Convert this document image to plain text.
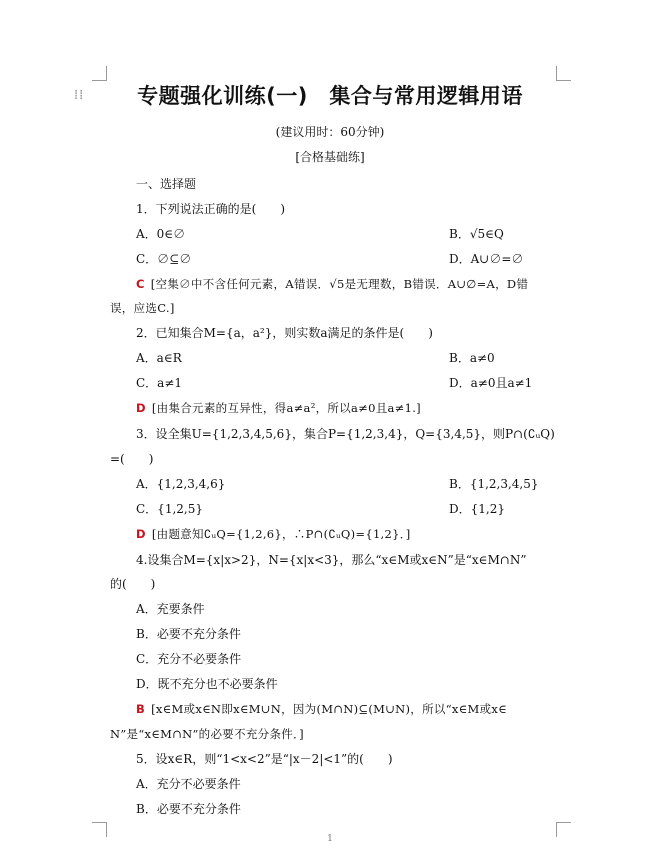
⁞⁞	专题强化训练(一)　集合与常用逻辑用语
(建议用时：60分钟)
[合格基础练]
一、选择题
1．下列说法正确的是(　　)
A．0∈∅	B．√5∈Q
C．∅⊆∅	D．A∪∅=∅
C [空集∅中不含任何元素，A错误．√5是无理数，B错误．A∪∅=A，D错
误，应选C.]
2．已知集合M={a，a²}，则实数a满足的条件是(　　)
A．a∈R	B．a≠0
C．a≠1	D．a≠0且a≠1
D [由集合元素的互异性，得a≠a²，所以a≠0且a≠1.]
3．设全集U={1,2,3,4,5,6}，集合P={1,2,3,4}，Q={3,4,5}，则P∩(∁ᵤQ)
=(　　)
A．{1,2,3,4,6}	B．{1,2,3,4,5}
C．{1,2,5}	D．{1,2}
D [由题意知∁ᵤQ={1,2,6}，∴P∩(∁ᵤQ)={1,2}．]
4.设集合M={x|x>2}，N={x|x<3}，那么“x∈M或x∈N”是“x∈M∩N”
的(　　)
A．充要条件
B．必要不充分条件
C．充分不必要条件
D．既不充分也不必要条件
B [x∈M或x∈N即x∈M∪N，因为(M∩N)⊆(M∪N)，所以“x∈M或x∈
N”是“x∈M∩N”的必要不充分条件．]
5．设x∈R，则“1<x<2”是“|x－2|<1”的(　　)
A．充分不必要条件
B．必要不充分条件
1
